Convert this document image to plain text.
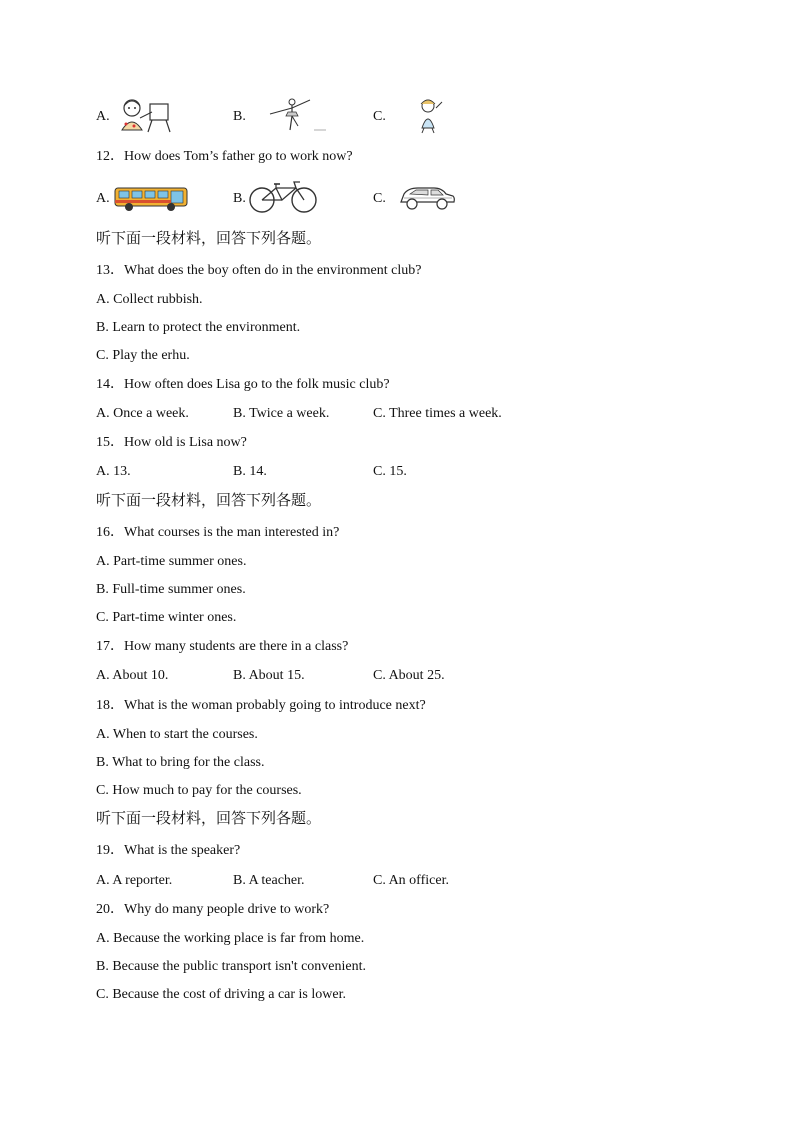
A.	B.	C.
12．How does Tom’s father go to work now?
A.	B.	C.
听下面一段材料，回答下列各题。
13．What does the boy often do in the environment club?
A. Collect rubbish.
B. Learn to protect the environment.
C. Play the erhu.
14．How often does Lisa go to the folk music club?
A. Once a week.	B. Twice a week.	C. Three times a week.
15．How old is Lisa now?
A. 13.	B. 14.	C. 15.
听下面一段材料，回答下列各题。
16．What courses is the man interested in?
A. Part-time summer ones.
B. Full-time summer ones.
C. Part-time winter ones.
17．How many students are there in a class?
A. About 10.	B. About 15.	C. About 25.
18．What is the woman probably going to introduce next?
A. When to start the courses.
B. What to bring for the class.
C. How much to pay for the courses.
听下面一段材料，回答下列各题。
19．What is the speaker?
A. A reporter.	B. A teacher.	C. An officer.
20．Why do many people drive to work?
A. Because the working place is far from home.
B. Because the public transport isn't convenient.
C. Because the cost of driving a car is lower.
